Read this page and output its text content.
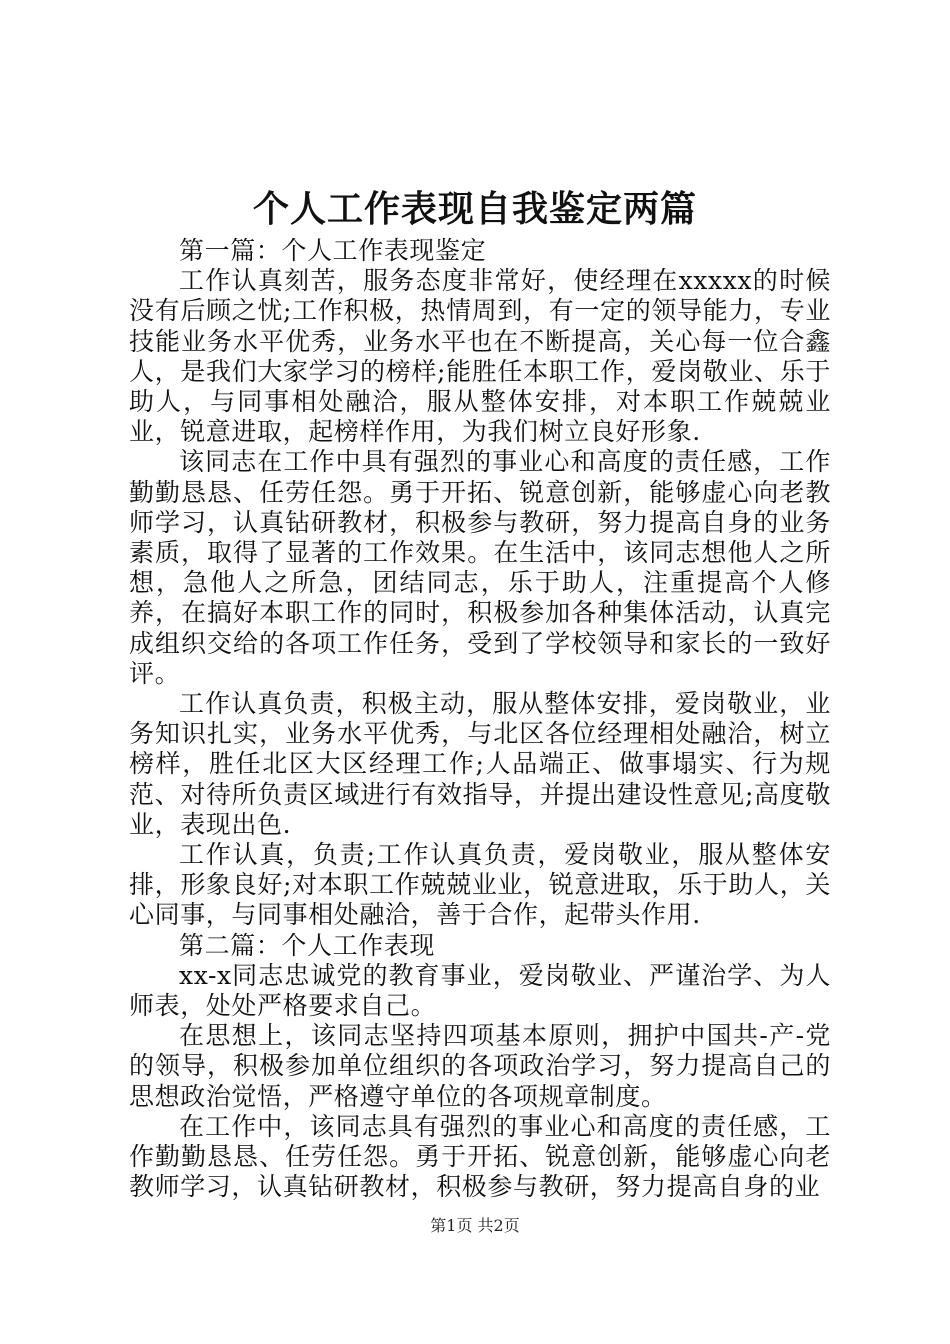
个人工作表现自我鉴定两篇

第一篇：个人工作表现鉴定

工作认真刻苦，服务态度非常好，使经理在xxxxx的时候没有后顾之忧;工作积极，热情周到，有一定的领导能力，专业技能业务水平优秀，业务水平也在不断提高，关心每一位合鑫人，是我们大家学习的榜样;能胜任本职工作，爱岗敬业、乐于助人，与同事相处融洽，服从整体安排，对本职工作兢兢业业，锐意进取，起榜样作用，为我们树立良好形象.

该同志在工作中具有强烈的事业心和高度的责任感，工作勤勤恳恳、任劳任怨。勇于开拓、锐意创新，能够虚心向老教师学习，认真钻研教材，积极参与教研，努力提高自身的业务素质，取得了显著的工作效果。在生活中，该同志想他人之所想，急他人之所急，团结同志，乐于助人，注重提高个人修养，在搞好本职工作的同时，积极参加各种集体活动，认真完成组织交给的各项工作任务，受到了学校领导和家长的一致好评。

工作认真负责，积极主动，服从整体安排，爱岗敬业，业务知识扎实，业务水平优秀，与北区各位经理相处融洽，树立榜样，胜任北区大区经理工作;人品端正、做事塌实、行为规范、对待所负责区域进行有效指导，并提出建设性意见;高度敬业，表现出色.

工作认真，负责;工作认真负责，爱岗敬业，服从整体安排，形象良好;对本职工作兢兢业业，锐意进取，乐于助人，关心同事，与同事相处融洽，善于合作，起带头作用.

第二篇：个人工作表现

xx-x同志忠诚党的教育事业，爱岗敬业、严谨治学、为人师表，处处严格要求自己。

在思想上，该同志坚持四项基本原则，拥护中国共-产-党的领导，积极参加单位组织的各项政治学习，努力提高自己的思想政治觉悟，严格遵守单位的各项规章制度。

在工作中，该同志具有强烈的事业心和高度的责任感，工作勤勤恳恳、任劳任怨。勇于开拓、锐意创新，能够虚心向老教师学习，认真钻研教材，积极参与教研，努力提高自身的业

第1页 共2页
